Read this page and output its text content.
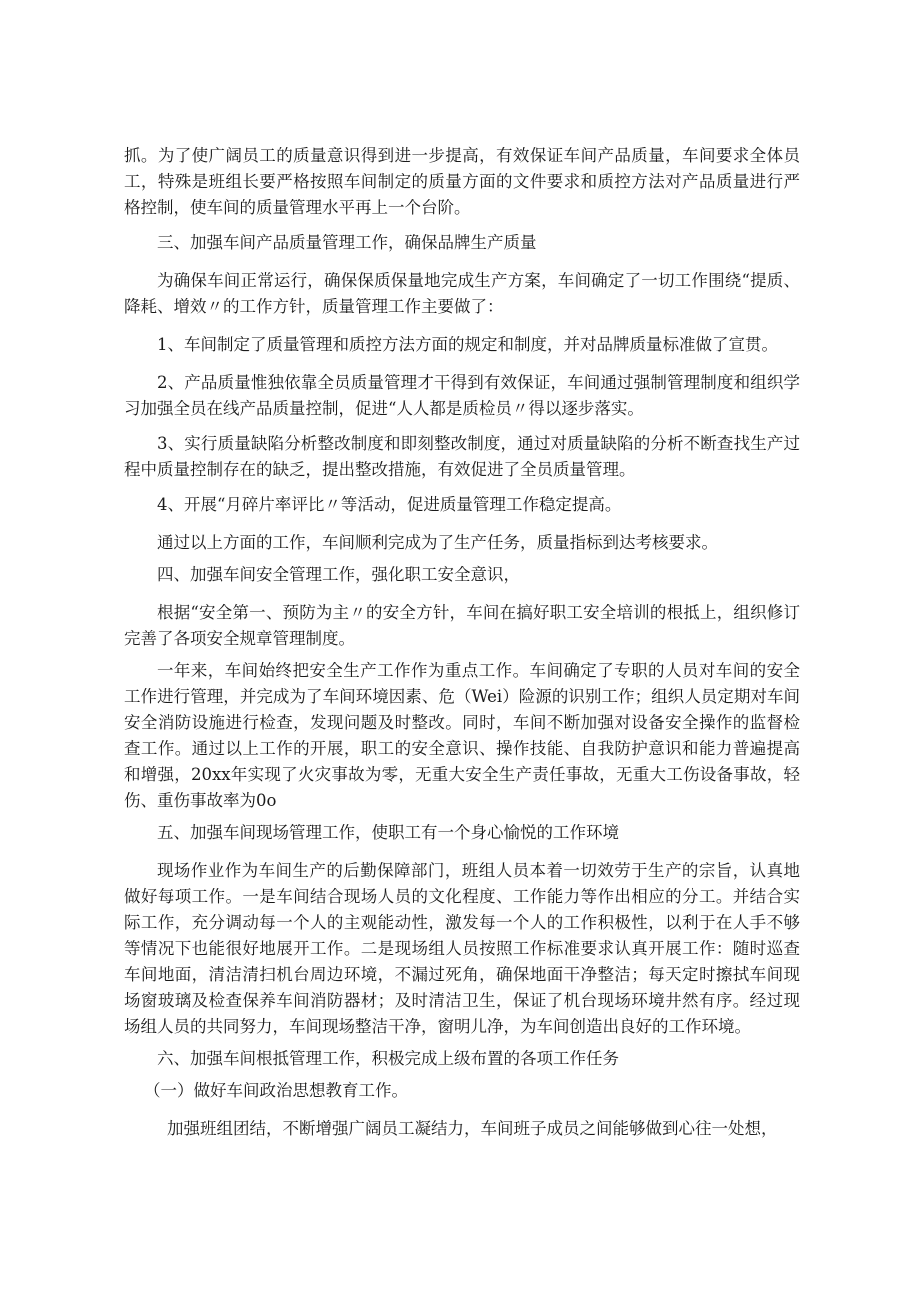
抓。为了使广阔员工的质量意识得到进一步提高，有效保证车间产品质量，车间要求全体员工，特殊是班组长要严格按照车间制定的质量方面的文件要求和质控方法对产品质量进行严格控制，使车间的质量管理水平再上一个台阶。

三、加强车间产品质量管理工作，确保品牌生产质量

为确保车间正常运行，确保保质保量地完成生产方案，车间确定了一切工作围绕“提质、降耗、增效〃的工作方针，质量管理工作主要做了：

1、车间制定了质量管理和质控方法方面的规定和制度，并对品牌质量标准做了宣贯。

2、产品质量惟独依靠全员质量管理才干得到有效保证，车间通过强制管理制度和组织学习加强全员在线产品质量控制，促进“人人都是质检员〃得以逐步落实。

3、实行质量缺陷分析整改制度和即刻整改制度，通过对质量缺陷的分析不断查找生产过程中质量控制存在的缺乏，提出整改措施，有效促进了全员质量管理。

4、开展“月碎片率评比〃等活动，促进质量管理工作稳定提高。

通过以上方面的工作，车间顺利完成为了生产任务，质量指标到达考核要求。

四、加强车间安全管理工作，强化职工安全意识，

根据“安全第一、预防为主〃的安全方针，车间在搞好职工安全培训的根抵上，组织修订完善了各项安全规章管理制度。

一年来，车间始终把安全生产工作作为重点工作。车间确定了专职的人员对车间的安全工作进行管理，并完成为了车间环境因素、危（Wei）险源的识别工作；组织人员定期对车间安全消防设施进行检查，发现问题及时整改。同时，车间不断加强对设备安全操作的监督检查工作。通过以上工作的开展，职工的安全意识、操作技能、自我防护意识和能力普遍提高和增强，20xx年实现了火灾事故为零，无重大安全生产责任事故，无重大工伤设备事故，轻伤、重伤事故率为0o

五、加强车间现场管理工作，使职工有一个身心愉悦的工作环境

现场作业作为车间生产的后勤保障部门，班组人员本着一切效劳于生产的宗旨，认真地做好每项工作。一是车间结合现场人员的文化程度、工作能力等作出相应的分工。并结合实际工作，充分调动每一个人的主观能动性，激发每一个人的工作积极性，以利于在人手不够等情况下也能很好地展开工作。二是现场组人员按照工作标准要求认真开展工作：随时巡查车间地面，清洁清扫机台周边环境，不漏过死角，确保地面干净整洁；每天定时擦拭车间现场窗玻璃及检查保养车间消防器材；及时清洁卫生，保证了机台现场环境井然有序。经过现场组人员的共同努力，车间现场整洁干净，窗明儿净，为车间创造出良好的工作环境。

六、加强车间根抵管理工作，积极完成上级布置的各项工作任务

（一）做好车间政治思想教育工作。

加强班组团结，不断增强广阔员工凝结力，车间班子成员之间能够做到心往一处想，
